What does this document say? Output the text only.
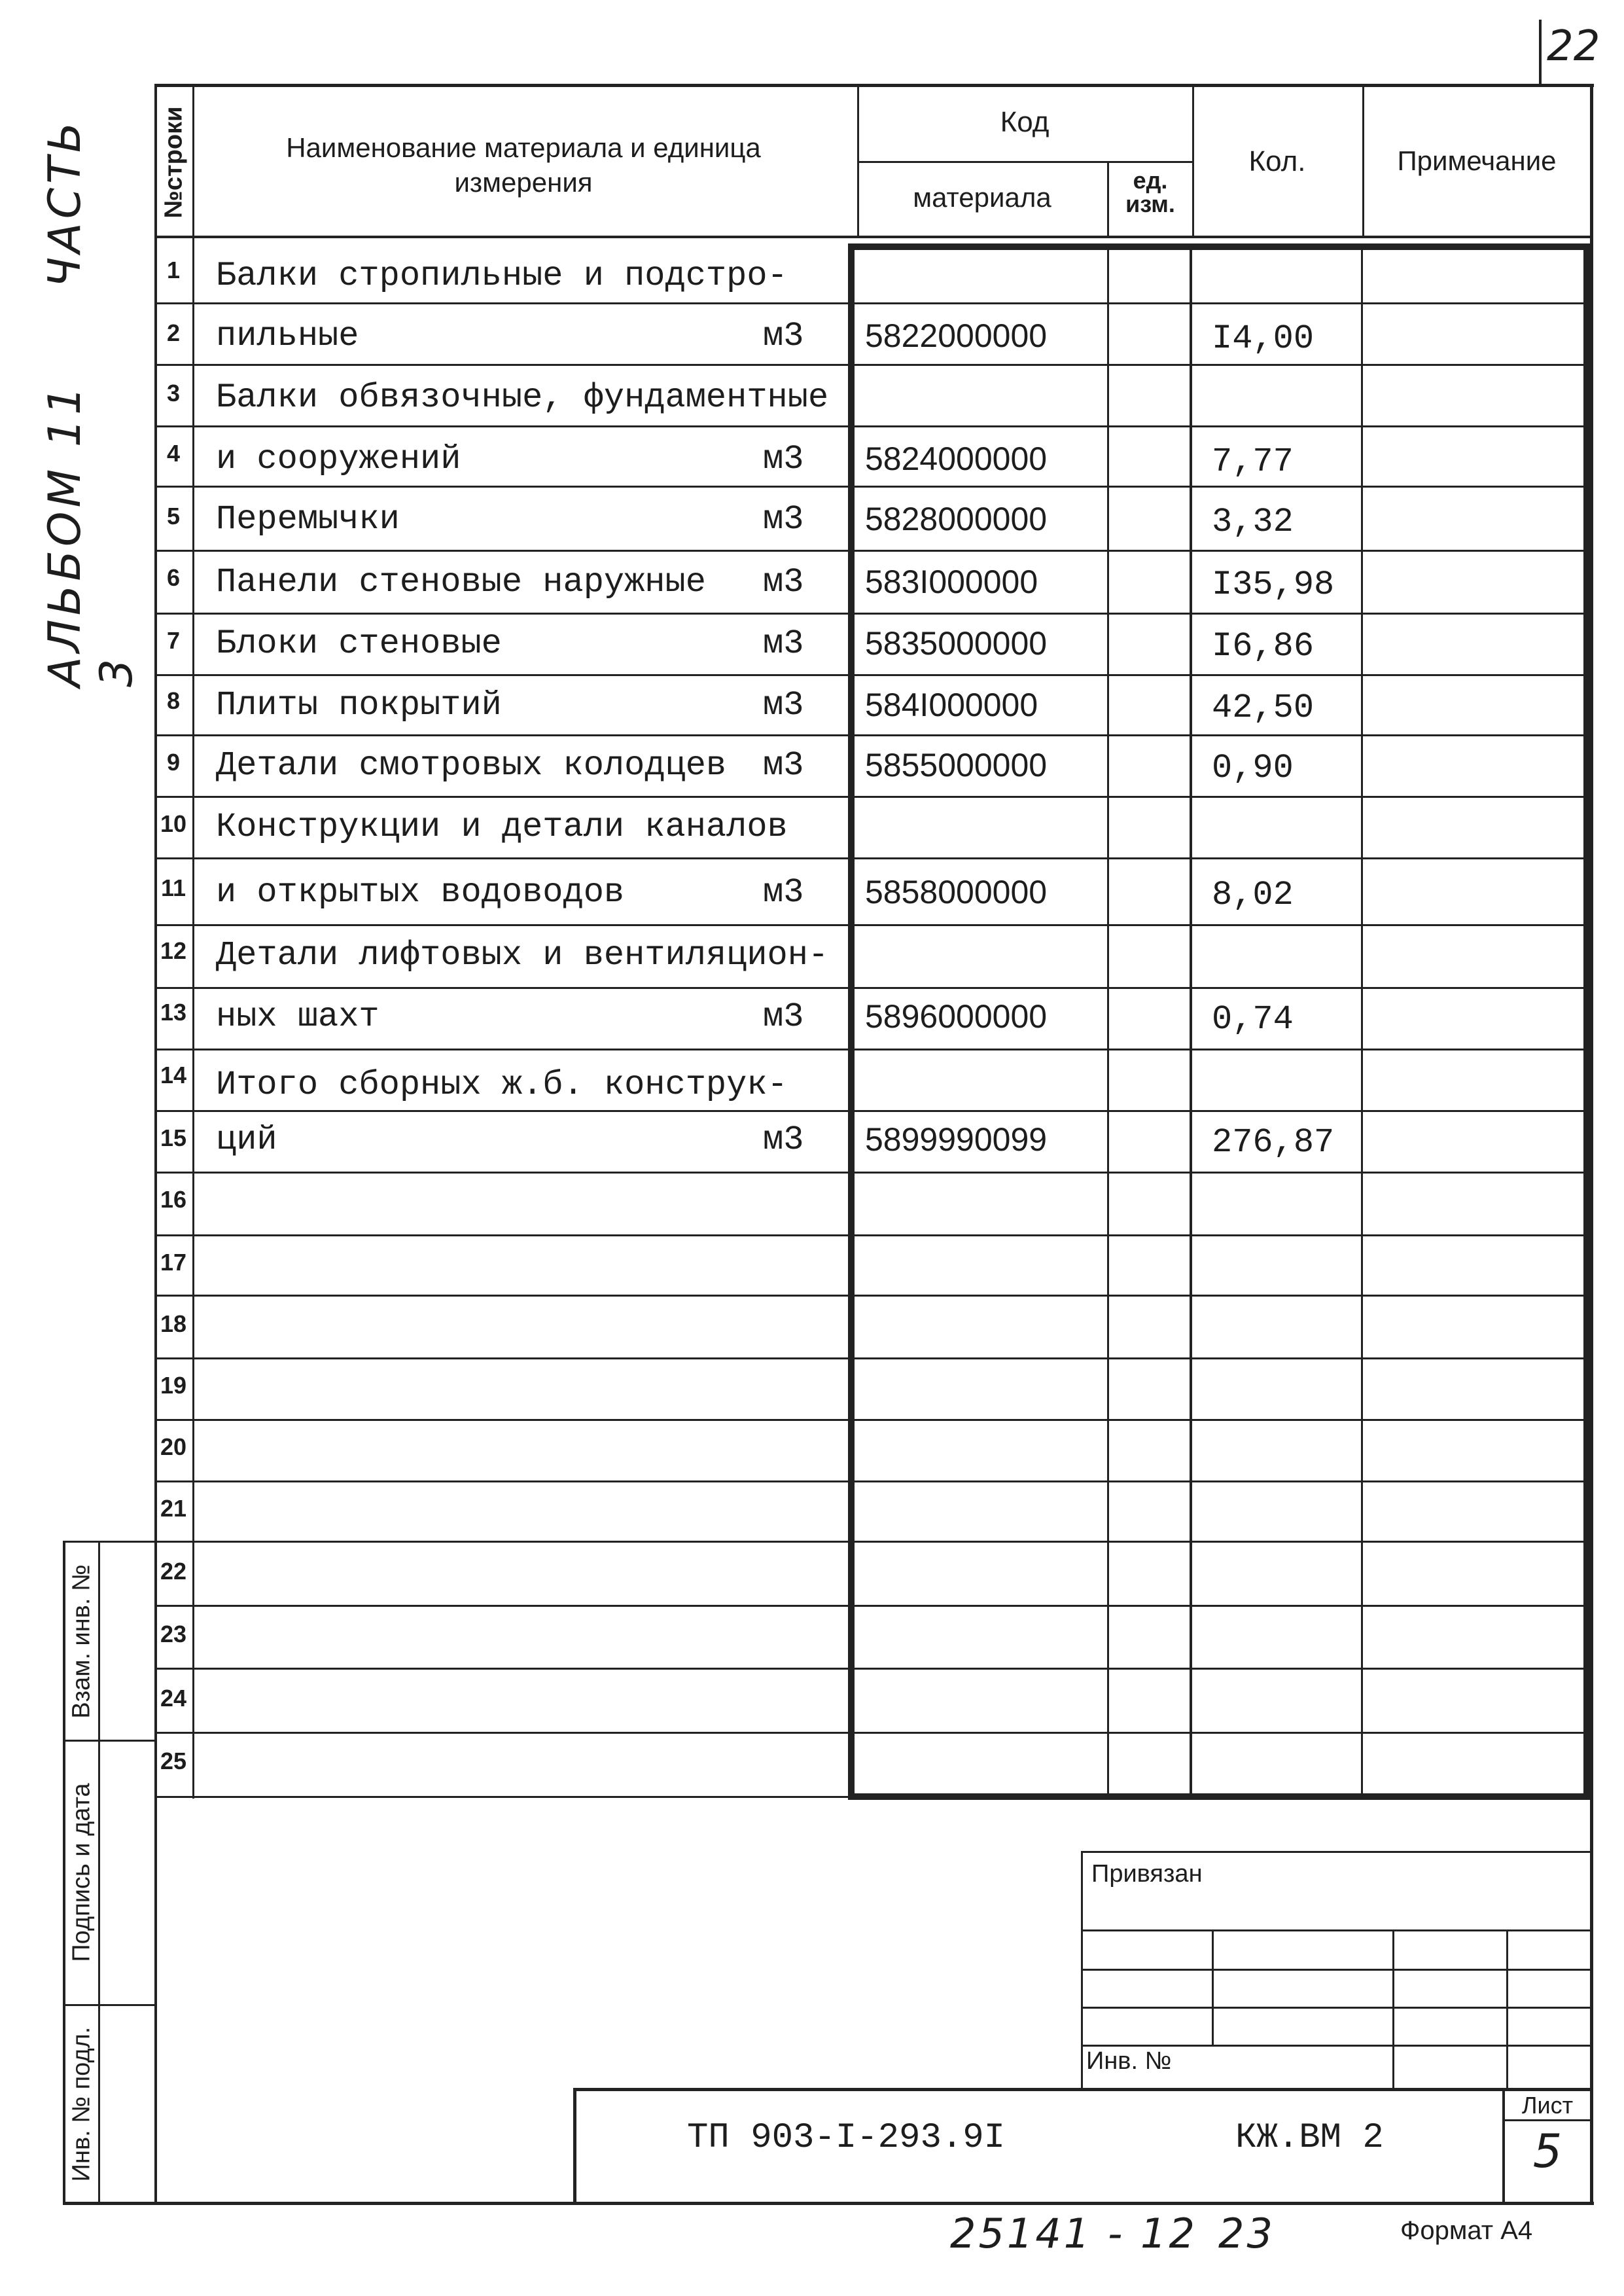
22
АЛЬБОМ 11  ЧАСТЬ 3
№строки	Наименование материала и единица измерения
Код
материала
ед. изм.
Кол.	Примечание
1	Балки стропильные и подстро-
2	пильные	м3 5822000000	I4,00
3	Балки обвязочные, фундаментные
4	и сооружений	м3 5824000000	7,77
5	Перемычки	м3 5828000000	3,32
6	Панели стеновые наружные м3 583I000000	I35,98
7	Блоки стеновые	м3 5835000000	I6,86
8	Плиты покрытий	м3 584I000000	42,50
9	Детали смотровых колодцев м3 5855000000	0,90
10 Конструкции и детали каналов
11 и открытых водоводов	м3 5858000000	8,02
12 Детали лифтовых и вентиляцион-
13 ных шахт	м3 5896000000	0,74
14 Итого сборных ж.б. конструк-
15 ций	м3 5899990099	276,87
16
17
18
19
20
21
22
23
24
25
Взам. инв. №
Подпись и дата
Инв. № подл.
Привязан
Инв. №
ТП 903-I-293.9I	КЖ.ВМ 2
Лист
5
25141 - 12 23	Формат А4
